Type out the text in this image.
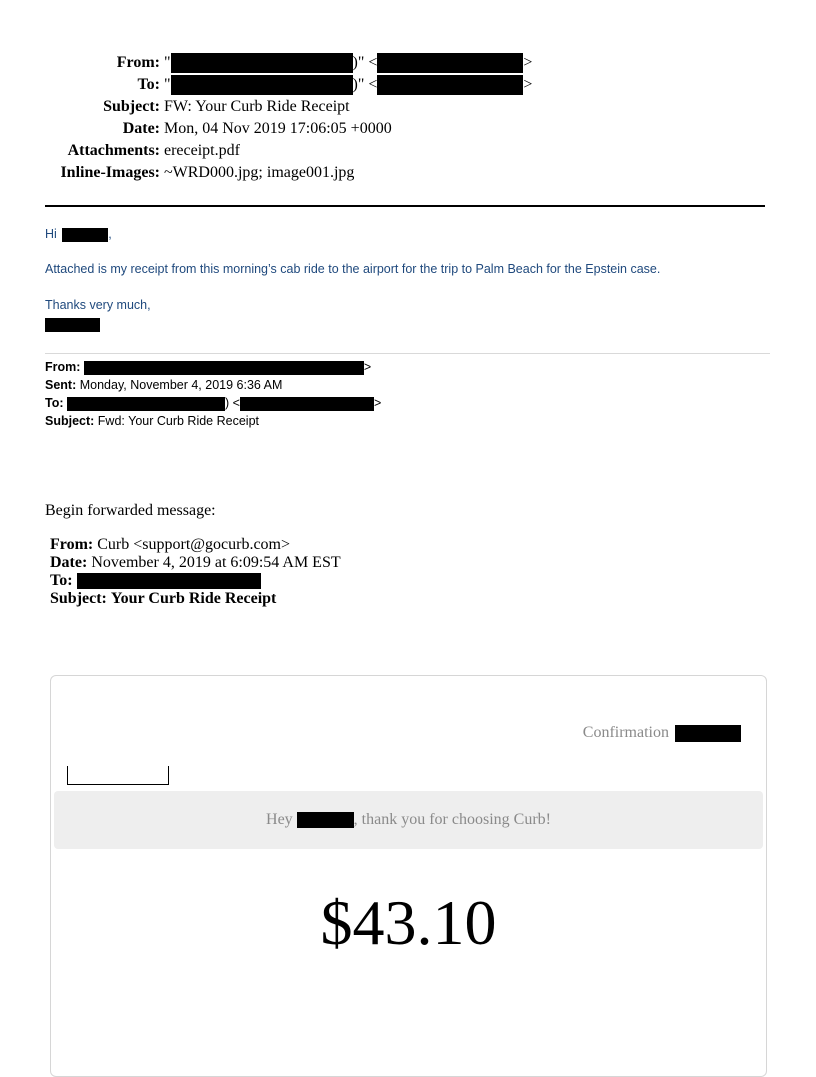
From: "	)" <	>
To: "	)" <	>
Subject: FW: Your Curb Ride Receipt
Date: Mon, 04 Nov 2019 17:06:05 +0000
Attachments: ereceipt.pdf
Inline-Images: ~WRD000.jpg; image001.jpg
Hi	,
Attached is my receipt from this morning’s cab ride to the airport for the trip to Palm Beach for the Epstein case.
Thanks very much,
From:	>
Sent: Monday, November 4, 2019 6:36 AM
To:	) <	>
Subject: Fwd: Your Curb Ride Receipt
Begin forwarded message:
From: Curb <support@gocurb.com>
Date: November 4, 2019 at 6:09:54 AM EST
To:
Subject: Your Curb Ride Receipt
Confirmation
Hey	, thank you for choosing Curb!
$43.10
